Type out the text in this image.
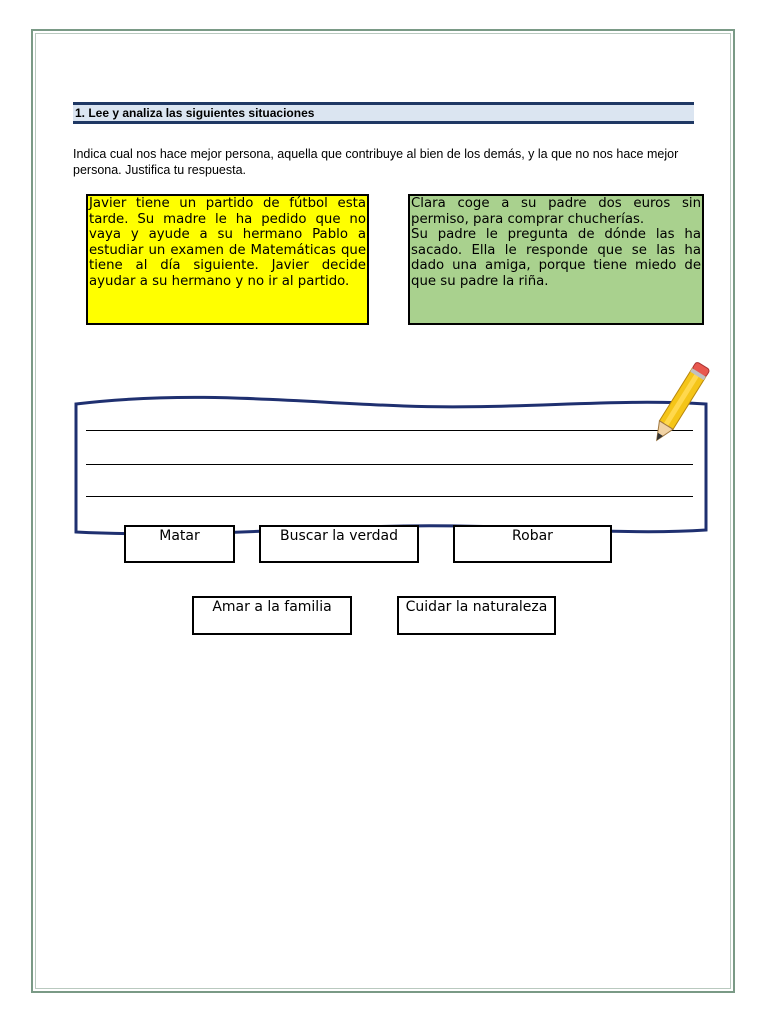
1. Lee y analiza las siguientes situaciones
Indica cual nos hace mejor persona, aquella que contribuye al bien de los demás, y la que no nos hace mejor persona. Justifica tu respuesta.

Javier tiene un partido de fútbol esta tarde. Su madre le ha pedido que no vaya y ayude a su hermano Pablo a estudiar un examen de Matemáticas que tiene al día siguiente. Javier decide ayudar a su hermano y no ir al partido.

Clara coge a su padre dos euros sin permiso, para comprar chucherías.

Su padre le pregunta de dónde las ha sacado. Ella le responde que se las ha dado una amiga, porque tiene miedo de que su padre la riña.

Matar	Buscar la verdad	Robar
Amar a la familia	Cuidar la naturaleza
